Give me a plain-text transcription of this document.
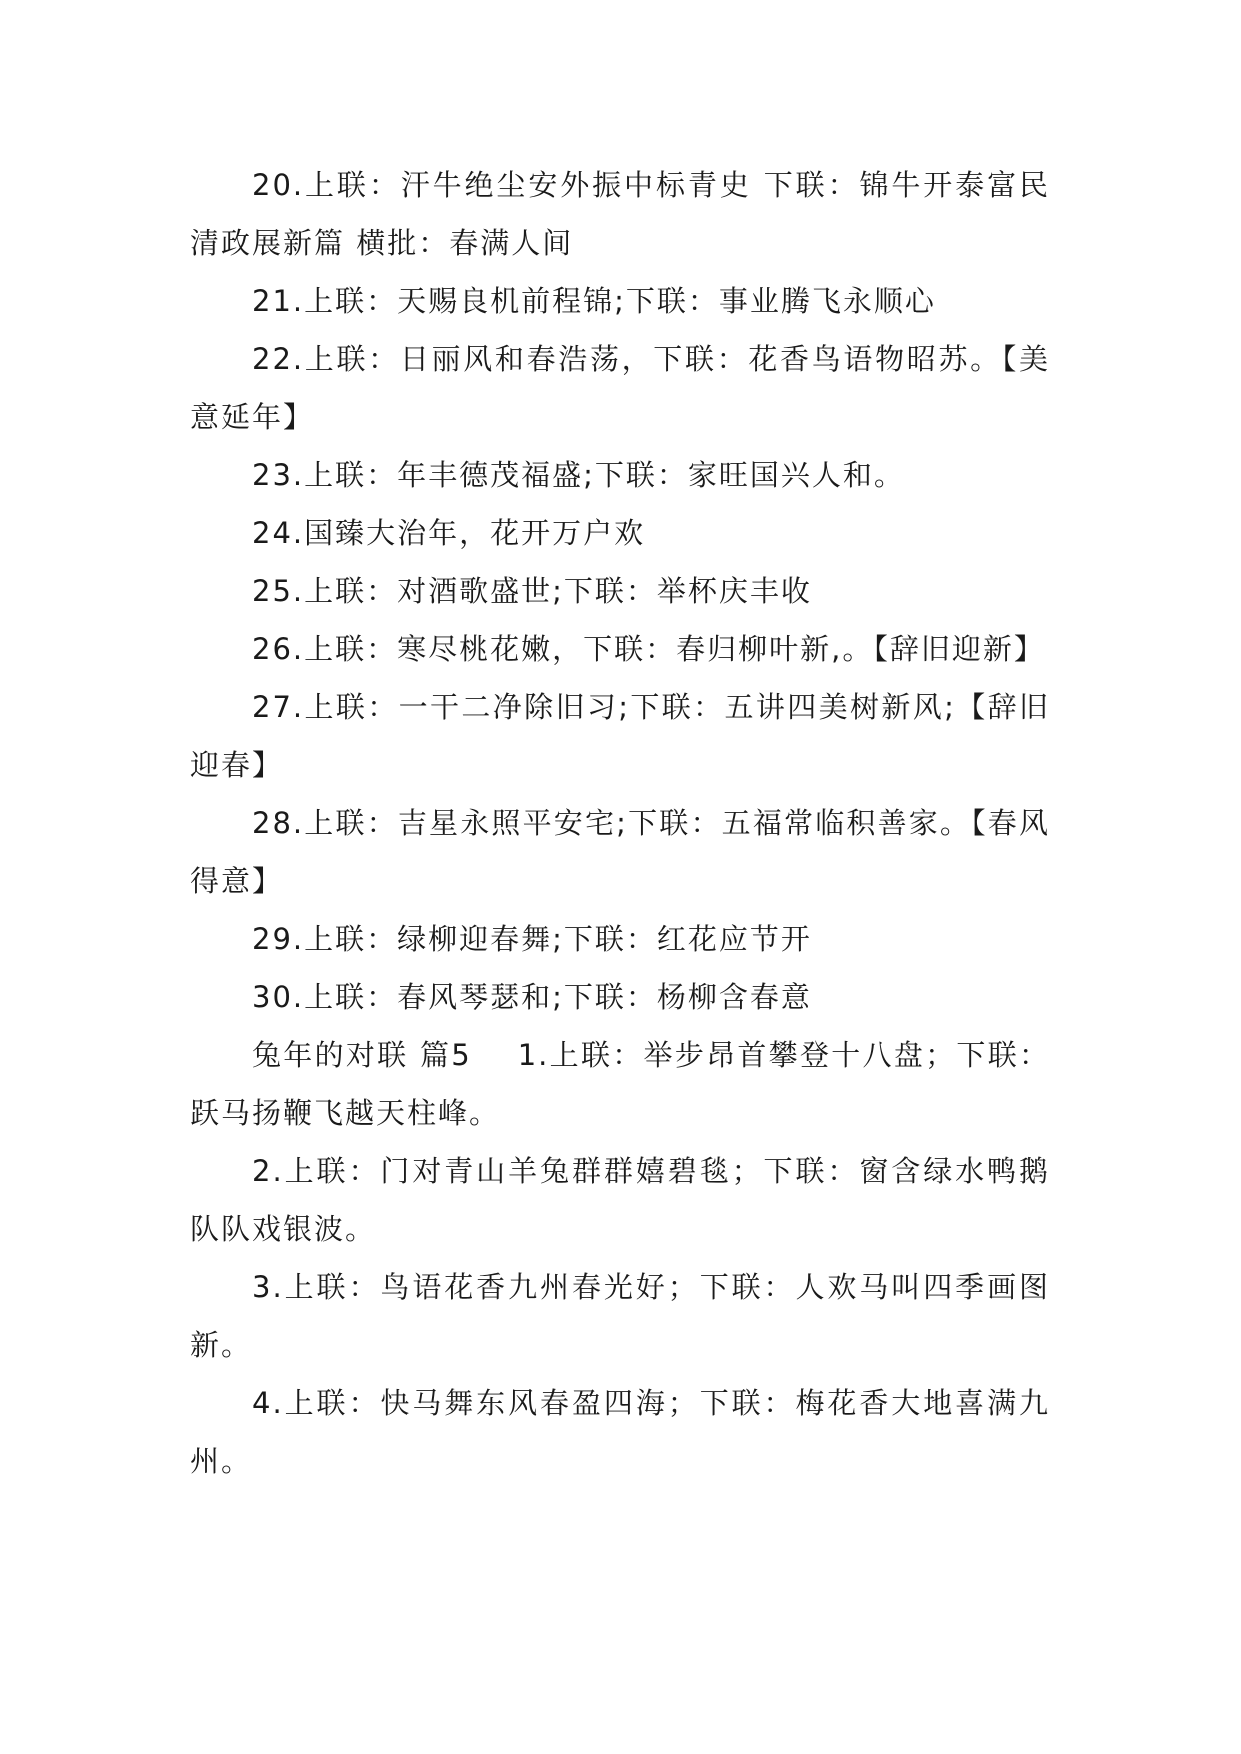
20.上联：汗牛绝尘安外振中标青史 下联：锦牛开泰富民清政展新篇 横批：春满人间

21.上联：天赐良机前程锦;下联：事业腾飞永顺心

22.上联：日丽风和春浩荡，下联：花香鸟语物昭苏。【美意延年】

23.上联：年丰德茂福盛;下联：家旺国兴人和。

24.国臻大治年，花开万户欢

25.上联：对酒歌盛世;下联：举杯庆丰收

26.上联：寒尽桃花嫩，下联：春归柳叶新,。【辞旧迎新】

27.上联：一干二净除旧习;下联：五讲四美树新风;【辞旧迎春】

28.上联：吉星永照平安宅;下联：五福常临积善家。【春风得意】

29.上联：绿柳迎春舞;下联：红花应节开

30.上联：春风琴瑟和;下联：杨柳含春意

兔年的对联 篇5    1.上联：举步昂首攀登十八盘；下联：跃马扬鞭飞越天柱峰。

2.上联：门对青山羊兔群群嬉碧毯；下联：窗含绿水鸭鹅队队戏银波。

3.上联：鸟语花香九州春光好；下联：人欢马叫四季画图新。

4.上联：快马舞东风春盈四海；下联：梅花香大地喜满九州。
